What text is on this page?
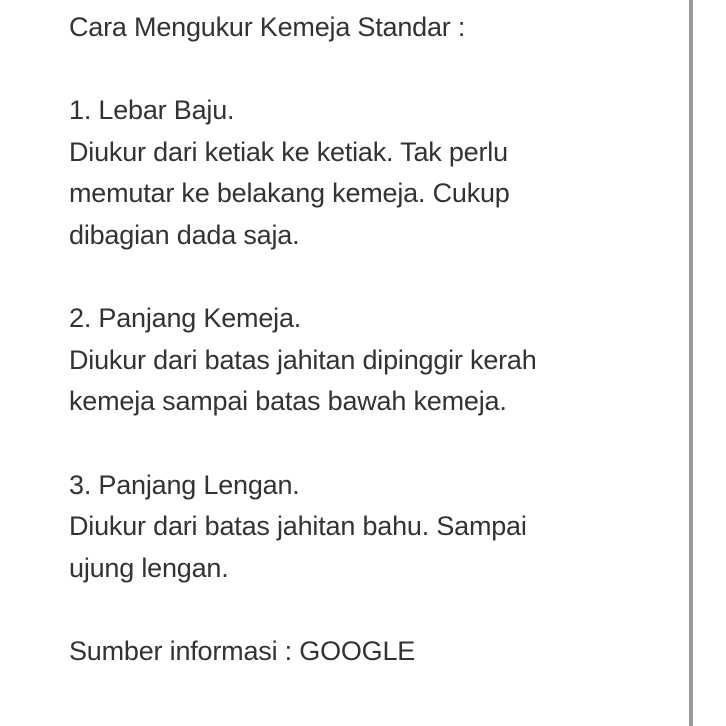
Cara Mengukur Kemeja Standar :
1. Lebar Baju.
Diukur dari ketiak ke ketiak. Tak perlu
memutar ke belakang kemeja. Cukup
dibagian dada saja.
2. Panjang Kemeja.
Diukur dari batas jahitan dipinggir kerah
kemeja sampai batas bawah kemeja.
3. Panjang Lengan.
Diukur dari batas jahitan bahu. Sampai
ujung lengan.
Sumber informasi : GOOGLE
